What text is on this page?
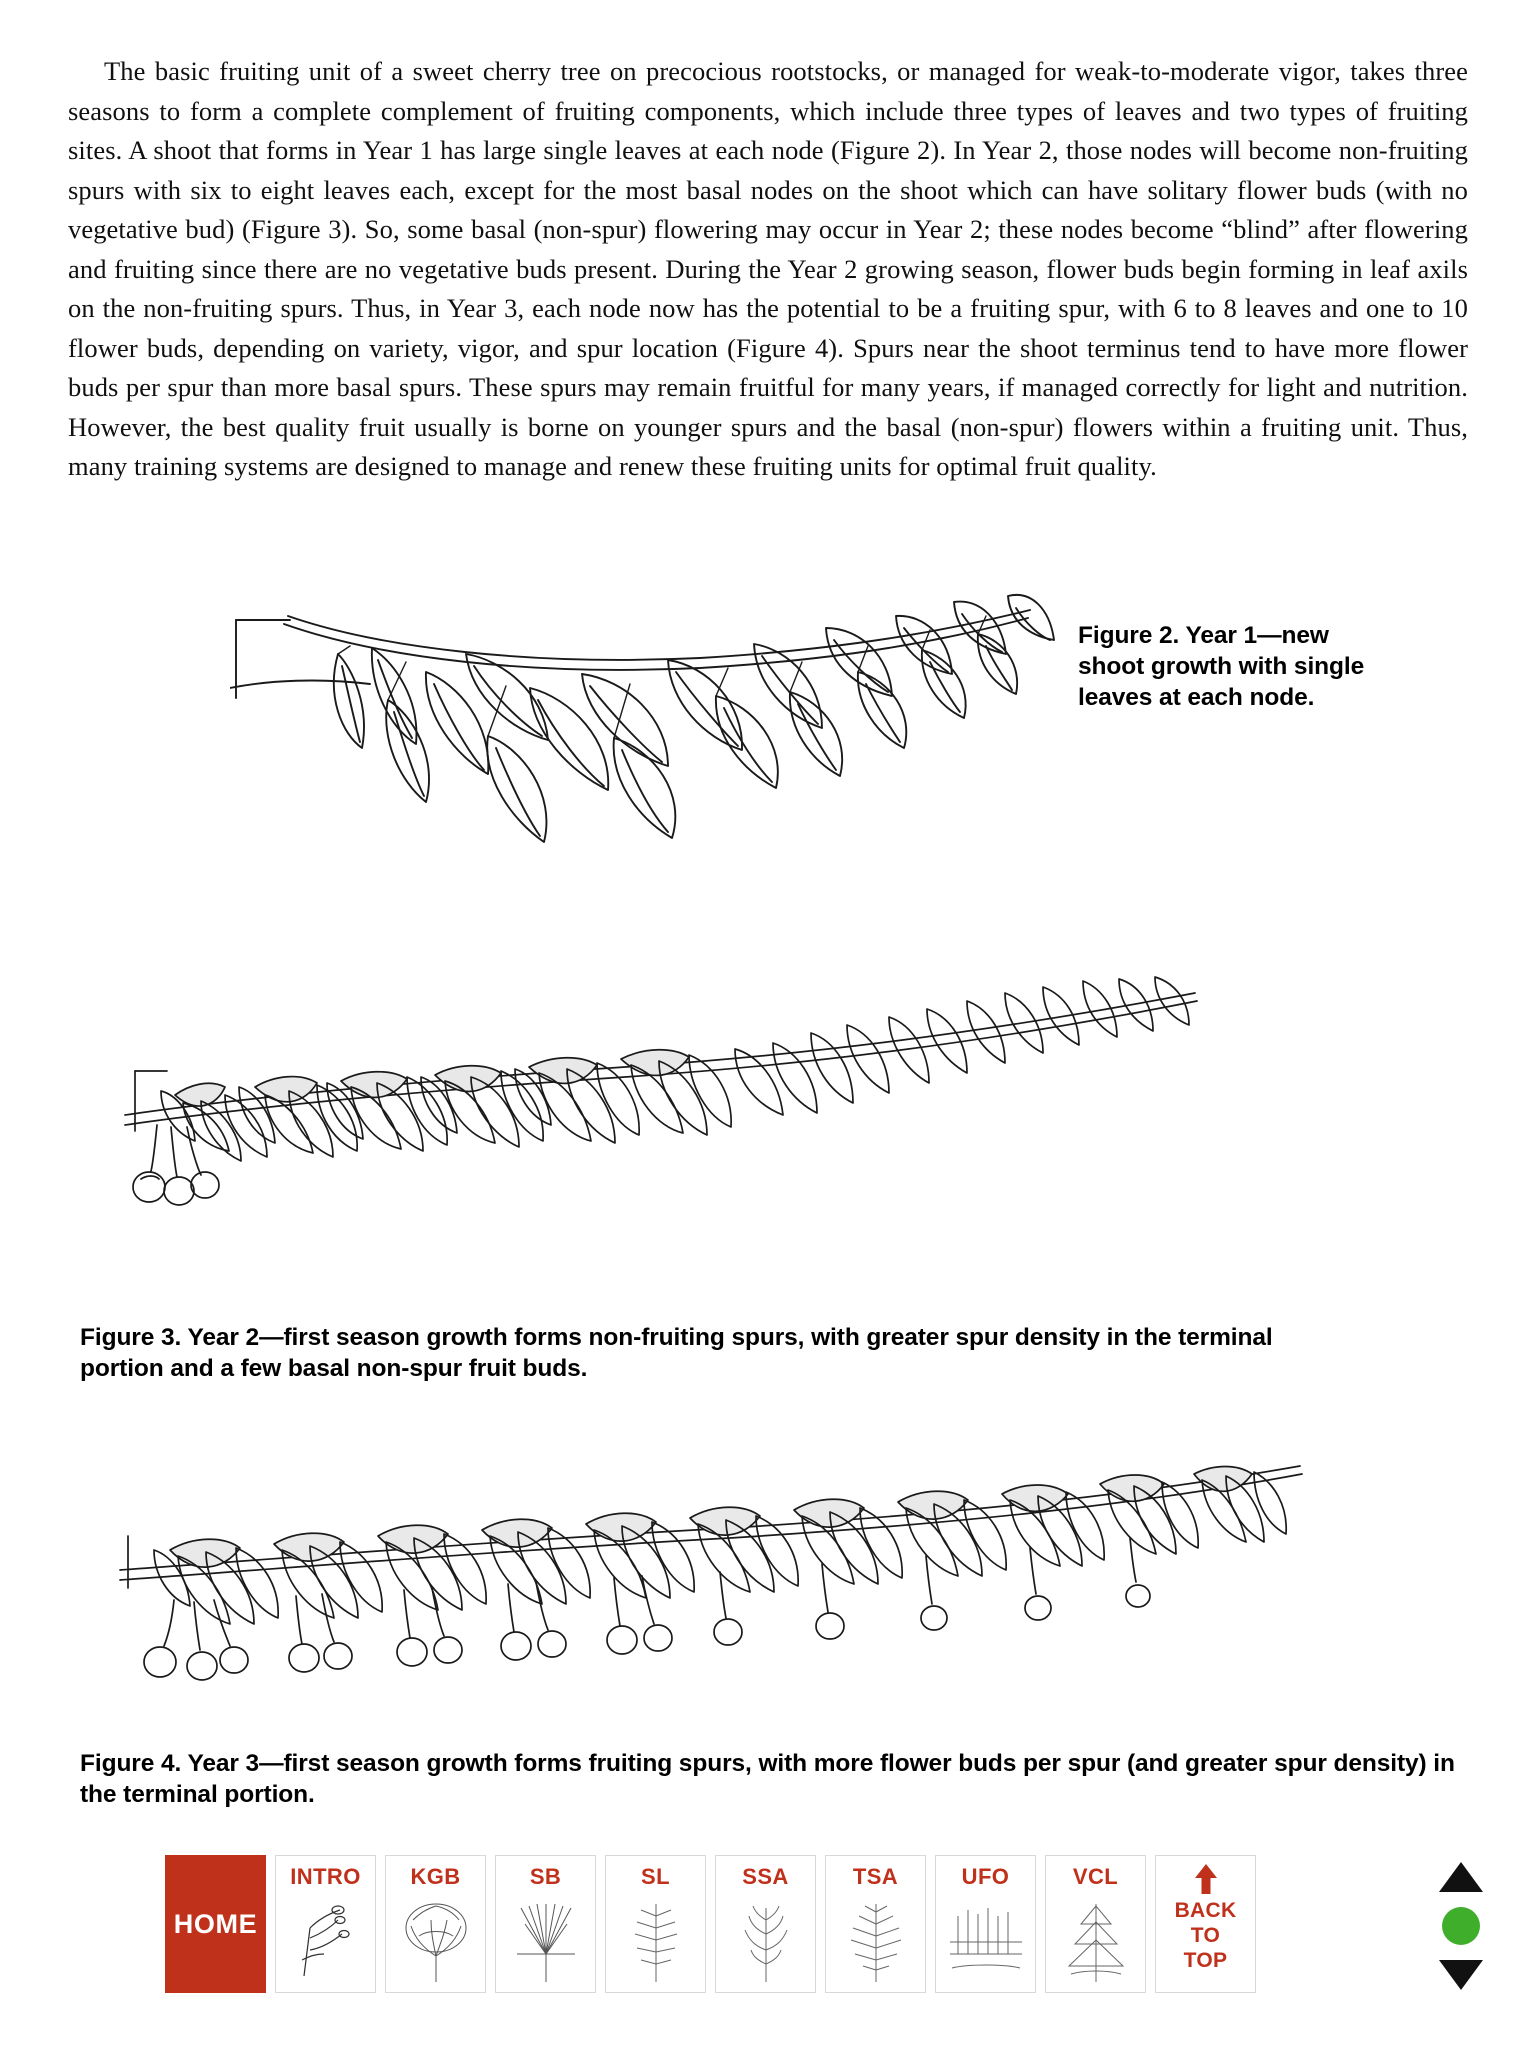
The basic fruiting unit of a sweet cherry tree on precocious rootstocks, or managed for weak-to-moderate vigor, takes three seasons to form a complete complement of fruiting components, which include three types of leaves and two types of fruiting sites. A shoot that forms in Year 1 has large single leaves at each node (Figure 2). In Year 2, those nodes will become non-fruiting spurs with six to eight leaves each, except for the most basal nodes on the shoot which can have solitary flower buds (with no vegetative bud) (Figure 3). So, some basal (non-spur) flowering may occur in Year 2; these nodes become “blind” after flowering and fruiting since there are no vegetative buds present. During the Year 2 growing season, flower buds begin forming in leaf axils on the non-fruiting spurs. Thus, in Year 3, each node now has the potential to be a fruiting spur, with 6 to 8 leaves and one to 10 flower buds, depending on variety, vigor, and spur location (Figure 4). Spurs near the shoot terminus tend to have more flower buds per spur than more basal spurs. These spurs may remain fruitful for many years, if managed correctly for light and nutrition. However, the best quality fruit usually is borne on younger spurs and the basal (non-spur) flowers within a fruiting unit. Thus, many training systems are designed to manage and renew these fruiting units for optimal fruit quality.
Figure 2. Year 1—new shoot growth with single leaves at each node.
Figure 3. Year 2—first season growth forms non-fruiting spurs, with greater spur density in the terminal portion and a few basal non-spur fruit buds.
Figure 4. Year 3—first season growth forms fruiting spurs, with more flower buds per spur (and greater spur density) in the terminal portion.
HOME
INTRO KGB	SB	SL	SSA	TSA	UFO	VCL
BACK
TO
TOP
